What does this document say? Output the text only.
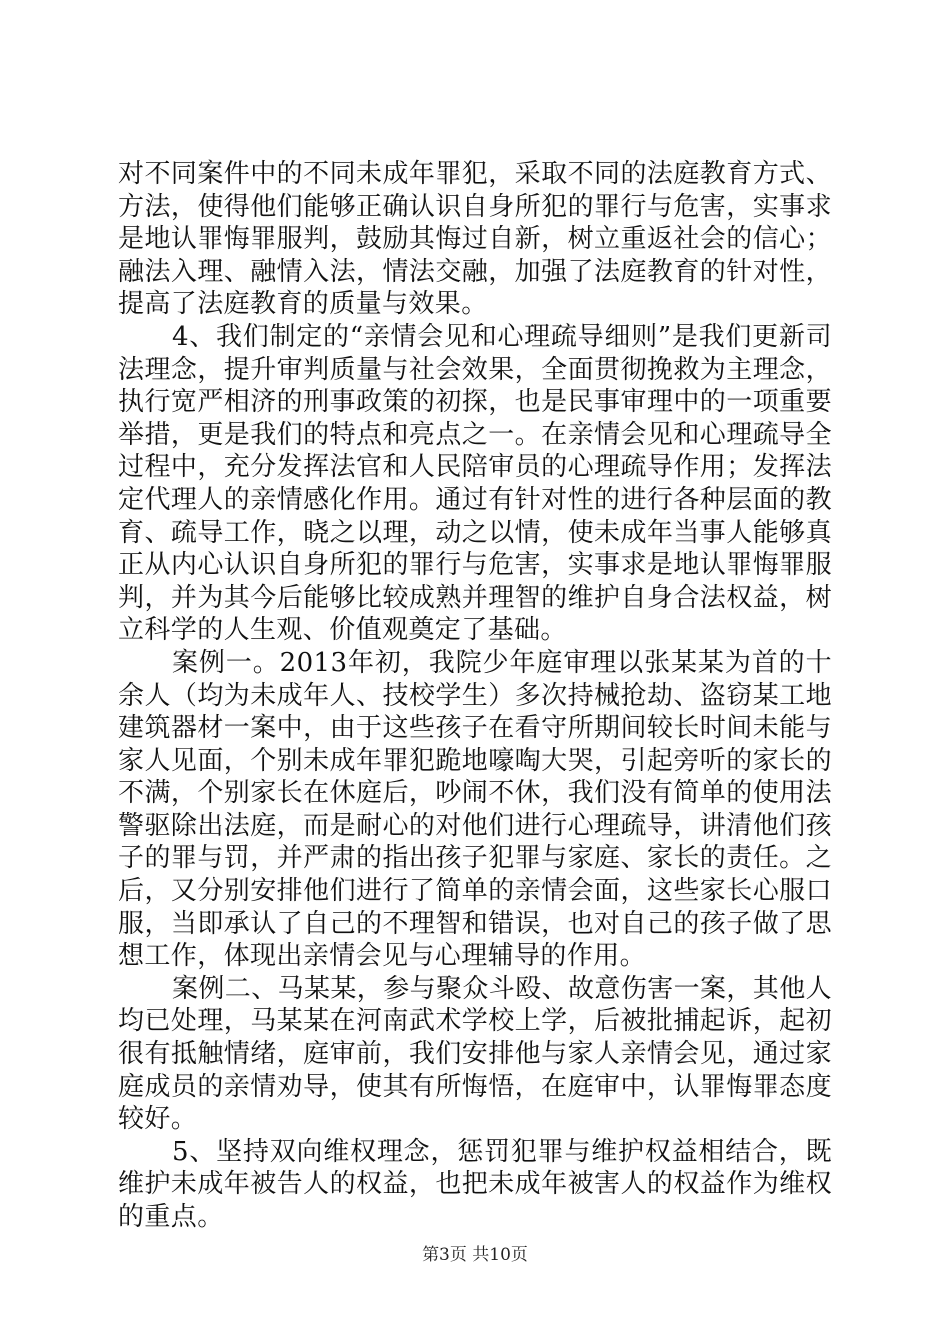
对不同案件中的不同未成年罪犯，采取不同的法庭教育方式、方法，使得他们能够正确认识自身所犯的罪行与危害，实事求是地认罪悔罪服判，鼓励其悔过自新，树立重返社会的信心；融法入理、融情入法，情法交融，加强了法庭教育的针对性，提高了法庭教育的质量与效果。

4、我们制定的“亲情会见和心理疏导细则”是我们更新司法理念，提升审判质量与社会效果，全面贯彻挽救为主理念，执行宽严相济的刑事政策的初探，也是民事审理中的一项重要举措，更是我们的特点和亮点之一。在亲情会见和心理疏导全过程中，充分发挥法官和人民陪审员的心理疏导作用；发挥法定代理人的亲情感化作用。通过有针对性的进行各种层面的教育、疏导工作，晓之以理，动之以情，使未成年当事人能够真正从内心认识自身所犯的罪行与危害，实事求是地认罪悔罪服判，并为其今后能够比较成熟并理智的维护自身合法权益，树立科学的人生观、价值观奠定了基础。

案例一。2013年初，我院少年庭审理以张某某为首的十余人（均为未成年人、技校学生）多次持械抢劫、盗窃某工地建筑器材一案中，由于这些孩子在看守所期间较长时间未能与家人见面，个别未成年罪犯跪地嚎啕大哭，引起旁听的家长的不满，个别家长在休庭后，吵闹不休，我们没有简单的使用法警驱除出法庭，而是耐心的对他们进行心理疏导，讲清他们孩子的罪与罚，并严肃的指出孩子犯罪与家庭、家长的责任。之后，又分别安排他们进行了简单的亲情会面，这些家长心服口服，当即承认了自己的不理智和错误，也对自己的孩子做了思想工作，体现出亲情会见与心理辅导的作用。

案例二、马某某，参与聚众斗殴、故意伤害一案，其他人均已处理，马某某在河南武术学校上学，后被批捕起诉，起初很有抵触情绪，庭审前，我们安排他与家人亲情会见，通过家庭成员的亲情劝导，使其有所悔悟，在庭审中，认罪悔罪态度较好。

5、坚持双向维权理念，惩罚犯罪与维护权益相结合，既维护未成年被告人的权益，也把未成年被害人的权益作为维权的重点。

第3页 共10页
